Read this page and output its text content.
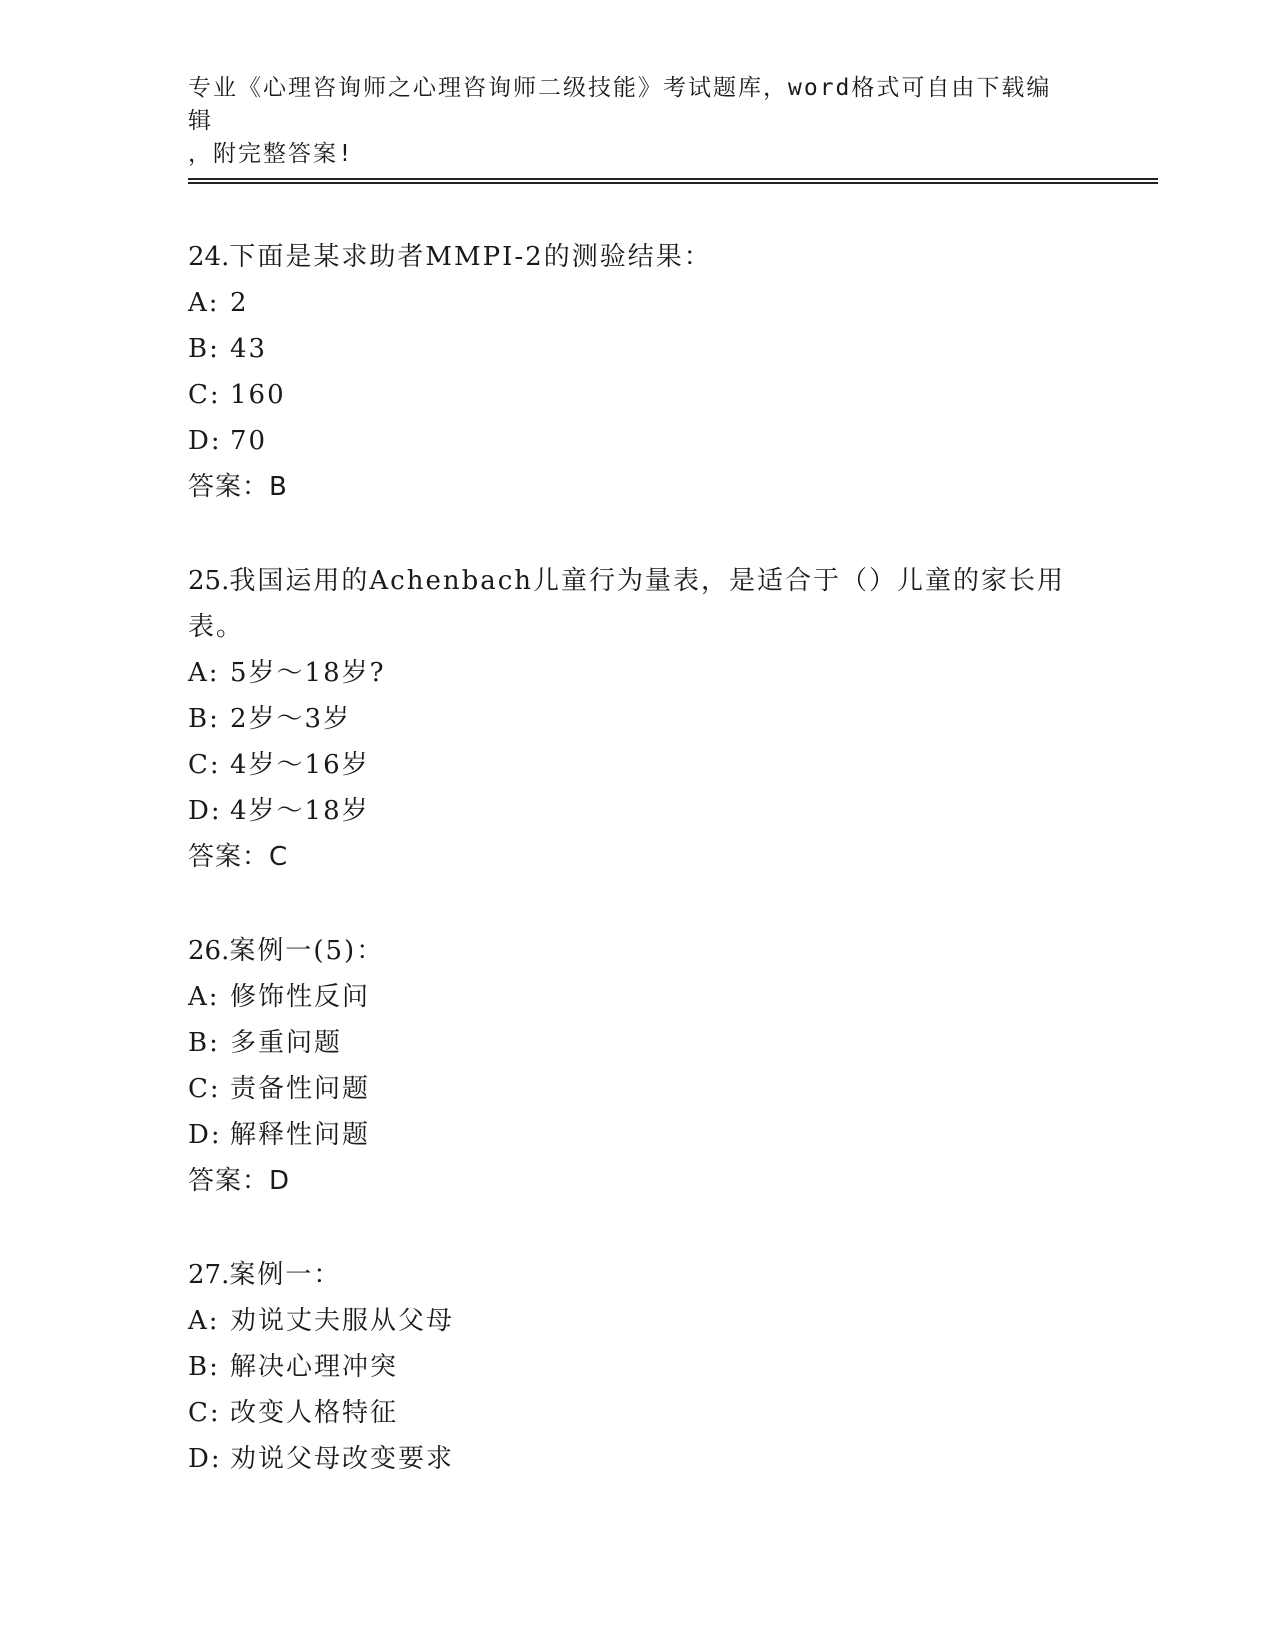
专业《心理咨询师之心理咨询师二级技能》考试题库，word格式可自由下载编辑
，附完整答案!
24.下面是某求助者MMPI-2的测验结果：
A: 2
B: 43
C: 160
D: 70
答案：B
25.我国运用的Achenbach儿童行为量表，是适合于（）儿童的家长用
表。
A: 5岁～18岁?
B: 2岁～3岁
C: 4岁～16岁
D: 4岁～18岁
答案：C
26.案例一(5)：
A: 修饰性反问
B: 多重问题
C: 责备性问题
D: 解释性问题
答案：D
27.案例一：
A: 劝说丈夫服从父母
B: 解决心理冲突
C: 改变人格特征
D: 劝说父母改变要求
